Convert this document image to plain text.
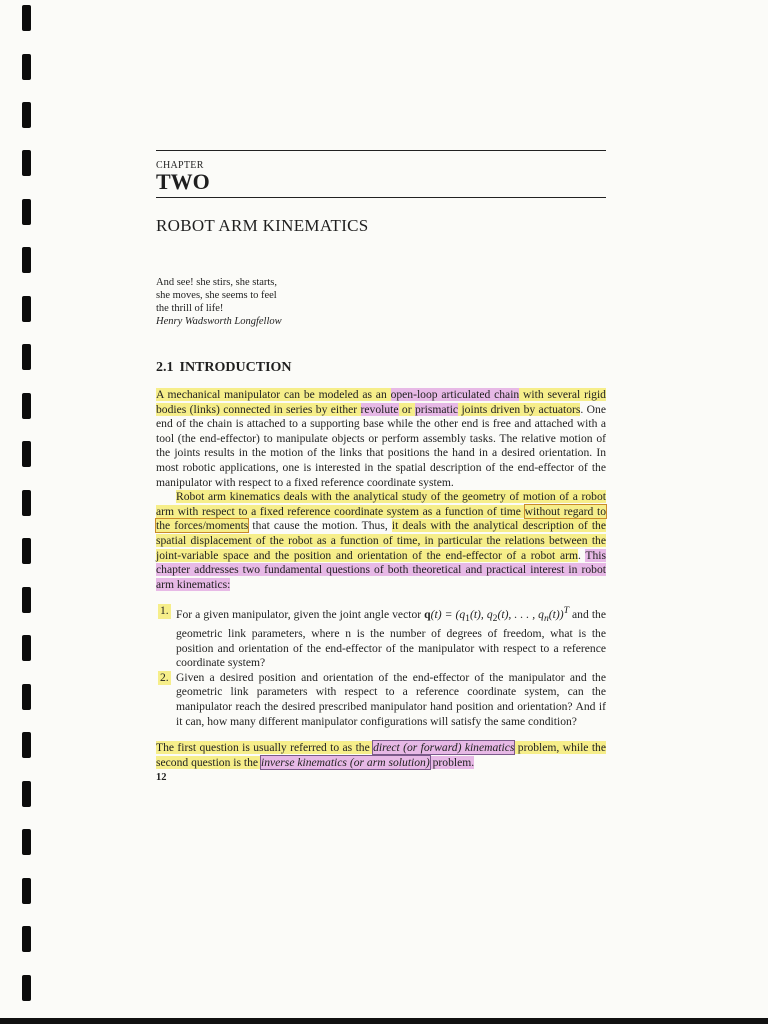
CHAPTER
TWO
ROBOT ARM KINEMATICS
And see! she stirs, she starts,
she moves, she seems to feel
the thrill of life!
Henry Wadsworth Longfellow
2.1 INTRODUCTION

A mechanical manipulator can be modeled as an open-loop articulated chain with several rigid bodies (links) connected in series by either revolute or prismatic joints driven by actuators. One end of the chain is attached to a supporting base while the other end is free and attached with a tool (the end-effector) to manipulate objects or perform assembly tasks. The relative motion of the joints results in the motion of the links that positions the hand in a desired orientation. In most robotic applications, one is interested in the spatial description of the end-effector of the manipulator with respect to a fixed reference coordinate system.

Robot arm kinematics deals with the analytical study of the geometry of motion of a robot arm with respect to a fixed reference coordinate system as a function of time without regard to the forces/moments that cause the motion. Thus, it deals with the analytical description of the spatial displacement of the robot as a function of time, in particular the relations between the joint-variable space and the position and orientation of the end-effector of a robot arm. This chapter addresses two fundamental questions of both theoretical and practical interest in robot arm kinematics:

1. For a given manipulator, given the joint angle vector $q(t) = (q_1(t)$, $q_2(t)$, . . . , $q_n(t))^T$ and the geometric link parameters, where n is the number of degrees of freedom, what is the position and orientation of the end-effector of the manipulator with respect to a reference coordinate system?
2. Given a desired position and orientation of the end-effector of the manipulator and the geometric link parameters with respect to a reference coordinate system, can the manipulator reach the desired prescribed manipulator hand position and orientation? And if it can, how many different manipulator configurations will satisfy the same condition?

The first question is usually referred to as the direct (or forward) kinematics problem, while the second question is the inverse kinematics (or arm solution) problem.

12
